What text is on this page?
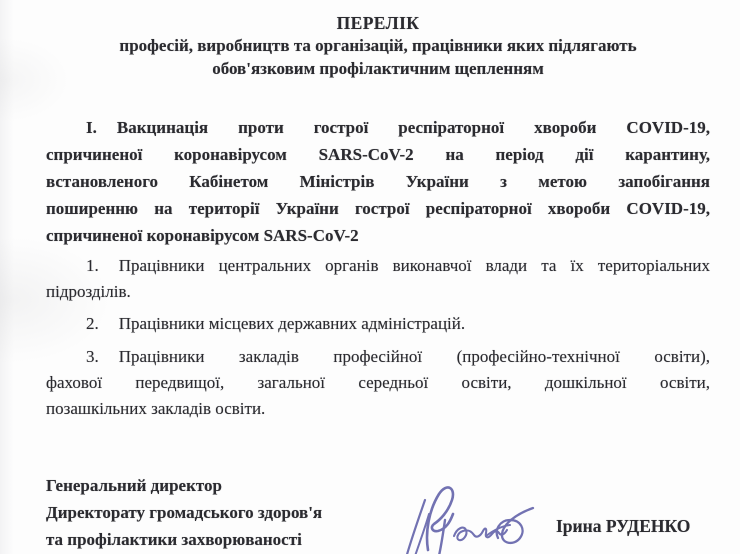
ПЕРЕЛІК
професій, виробництв та організацій, працівники яких підлягають
обов'язковим профілактичним щепленням
І. Вакцинація проти гострої респіраторної хвороби COVID-19,
спричиненої коронавірусом SARS-CoV-2 на період дії карантину,
встановленого Кабінетом Міністрів України з метою запобігання
поширенню на території України гострої респіраторної хвороби COVID-19,
спричиненої коронавірусом SARS-CoV-2
1. Працівники центральних органів виконавчої влади та їх територіальних
підрозділів.
2. Працівники місцевих державних адміністрацій.
3. Працівники закладів професійної (професійно-технічної освіти),
фахової передвищої, загальної середньої освіти, дошкільної освіти,
позашкільних закладів освіти.
Генеральний директор
Директорату громадського здоров'я
та профілактики захворюваності
Ірина РУДЕНКО
